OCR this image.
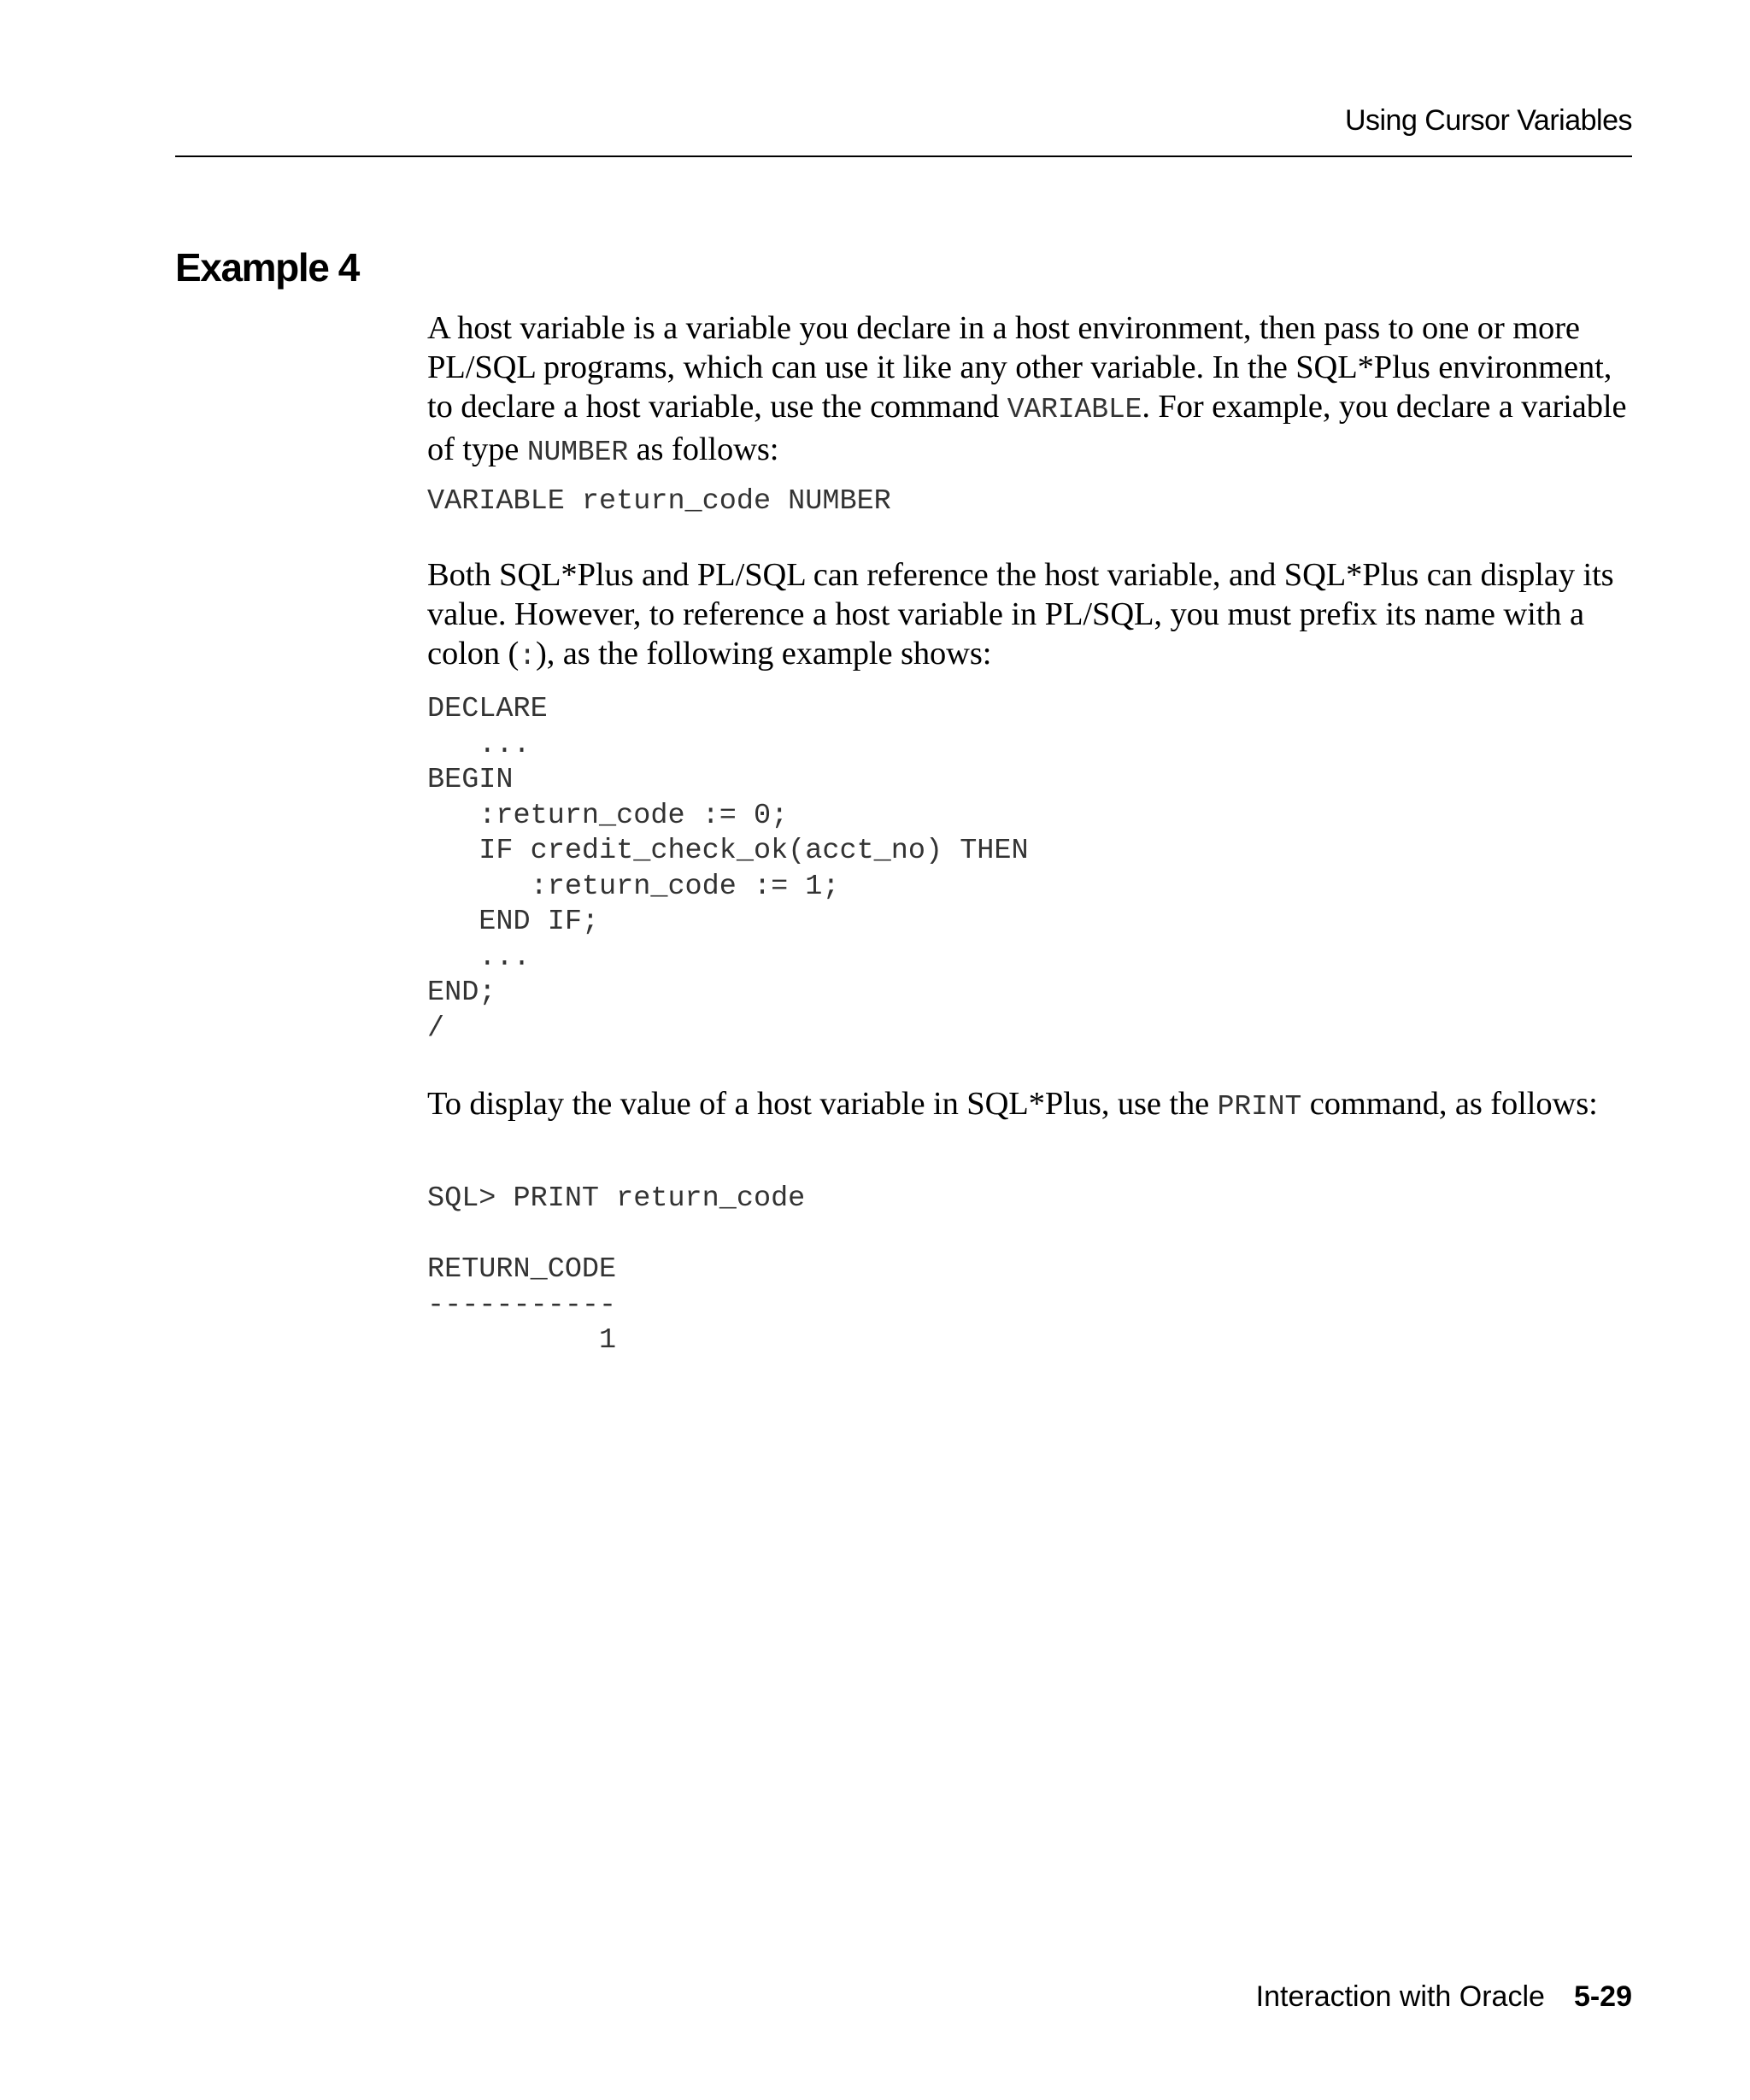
Using Cursor Variables
Example 4

A host variable is a variable you declare in a host environment, then pass to one or more PL/SQL programs, which can use it like any other variable. In the SQL*Plus environment, to declare a host variable, use the command VARIABLE. For example, you declare a variable of type NUMBER as follows:

VARIABLE return_code NUMBER

Both SQL*Plus and PL/SQL can reference the host variable, and SQL*Plus can display its value. However, to reference a host variable in PL/SQL, you must prefix its name with a colon (:), as the following example shows:

DECLARE
...
BEGIN
:return_code := 0;
IF credit_check_ok(acct_no) THEN
:return_code := 1;
END IF;
...
END;
/

To display the value of a host variable in SQL*Plus, use the PRINT command, as follows:

SQL> PRINT return_code

RETURN_CODE
-----------
1
Interaction with Oracle 5-29
